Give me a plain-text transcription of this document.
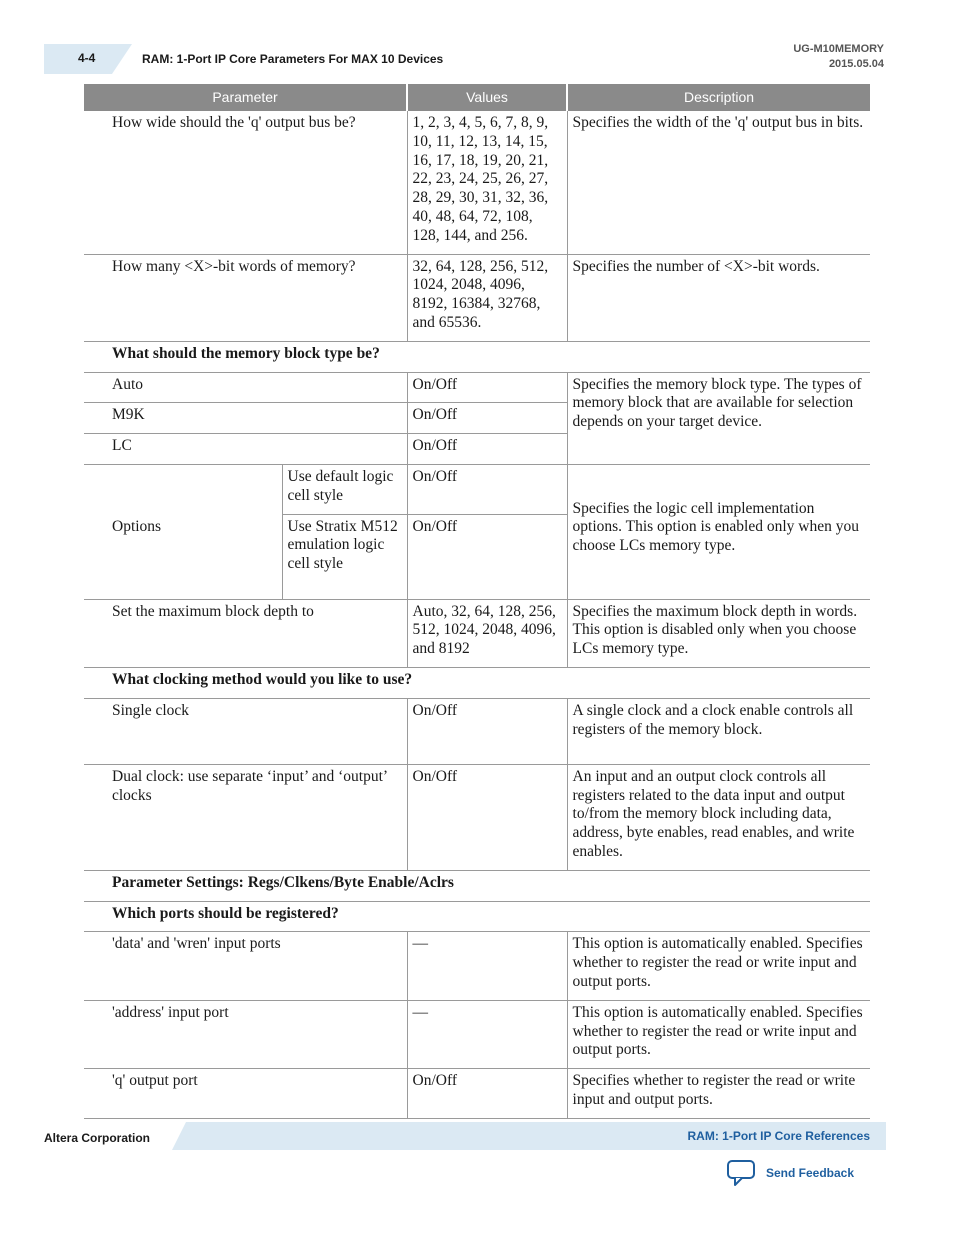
4-4	RAM: 1-Port IP Core Parameters For MAX 10 Devices
UG-M10MEMORY
2015.05.04
Parameter		Values	Description

How wide should the 'q' output bus be?		1, 2, 3, 4, 5, 6, 7, 8, 9, 10, 11, 12, 13, 14, 15, 16, 17, 18, 19, 20, 21, 22, 23, 24, 25, 26, 27, 28, 29, 30, 31, 32, 36, 40, 48, 64, 72, 108, 128, 144, and 256.	Specifies the width of the 'q' output bus in bits.

How many <X>-bit words of memory?		32, 64, 128, 256, 512, 1024, 2048, 4096, 8192, 16384, 32768, and 65536.	Specifies the number of <X>-bit words.

What should the memory block type be?			

Auto		On/Off	Specifies the memory block type. The types of memory block that are available for selection depends on your target device.

M9K		On/Off	

LC		On/Off	

Options	Use default logic cell style	On/Off	Specifies the logic cell implementation options. This option is enabled only when you choose LCs memory type.

	Use Stratix M512 emulation logic cell style	On/Off	

Set the maximum block depth to		Auto, 32, 64, 128, 256, 512, 1024, 2048, 4096, and 8192	Specifies the maximum block depth in words. This option is disabled only when you choose LCs memory type.

What clocking method would you like to use?			

Single clock		On/Off	A single clock and a clock enable controls all registers of the memory block.

Dual clock: use separate ‘input’ and ‘output’ clocks		On/Off	An input and an output clock controls all registers related to the data input and output to/from the memory block including data, address, byte enables, read enables, and write enables.

Parameter Settings: Regs/Clkens/Byte Enable/Aclrs			

Which ports should be registered?			

'data' and 'wren' input ports		—	This option is automatically enabled. Specifies whether to register the read or write input and output ports.

'address' input port		—	This option is automatically enabled. Specifies whether to register the read or write input and output ports.

'q' output port		On/Off	Specifies whether to register the read or write input and output ports.
Altera Corporation	RAM: 1-Port IP Core References
Send Feedback
